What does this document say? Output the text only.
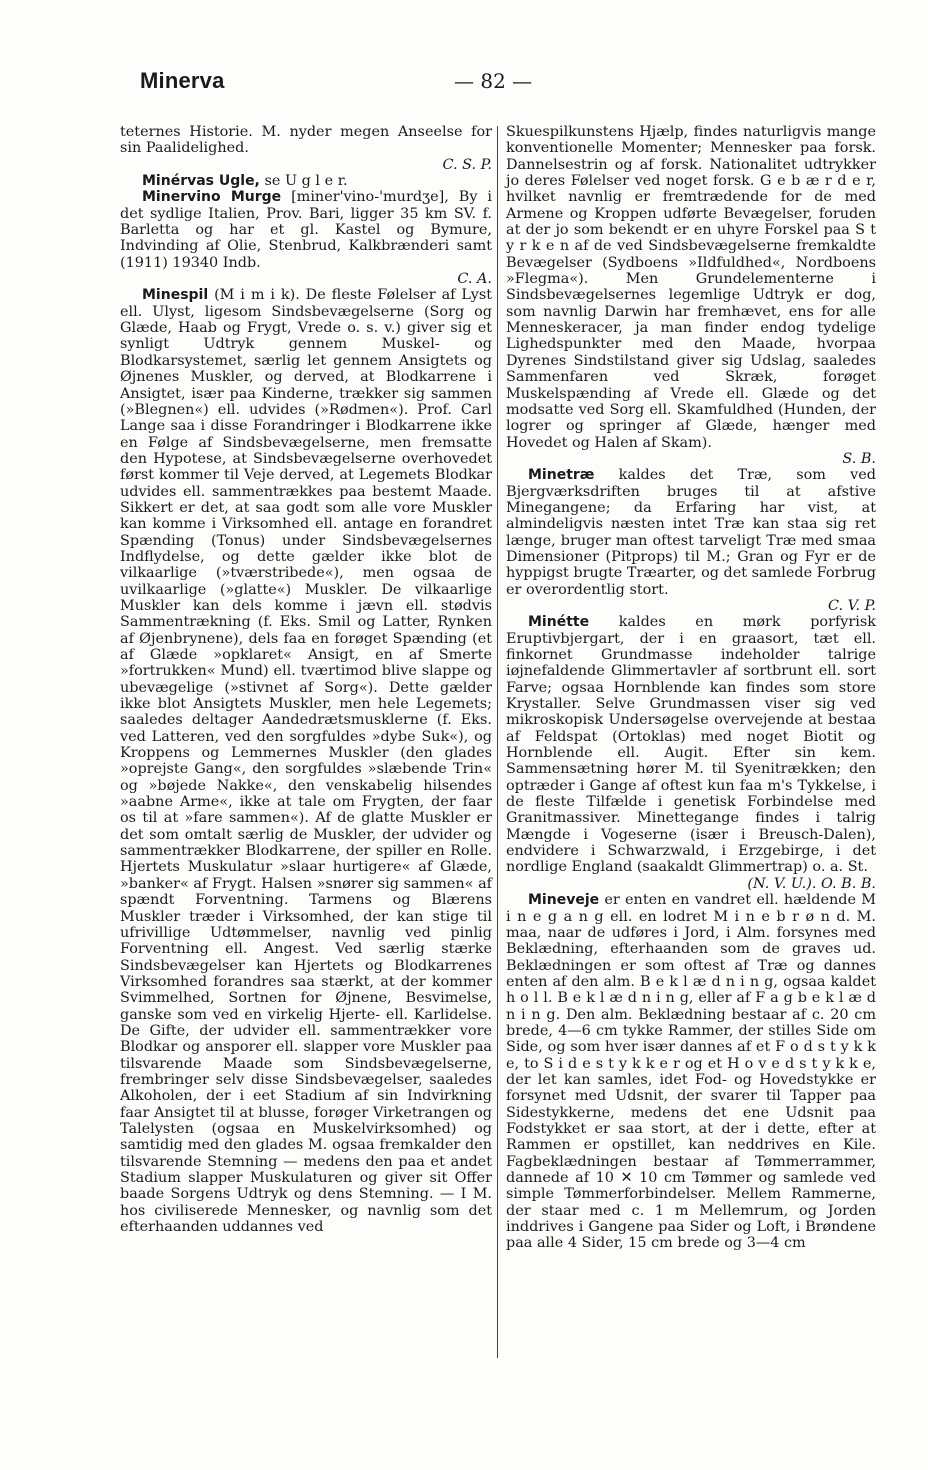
Minerva	— 82 —

teternes Historie. M. nyder megen Anseelse for sin Paalidelighed.
C. S. P.

Minérvas Ugle, se U g l e r.

Minervino Murge [miner'vino-'murdʒe], By i det sydlige Italien, Prov. Bari, ligger 35 km SV. f. Barletta og har et gl. Kastel og Bymure, Indvinding af Olie, Stenbrud, Kalkbrænderi samt (1911) 19340 Indb.
C. A.

Minespil (M i m i k). De fleste Følelser af Lyst ell. Ulyst, ligesom Sindsbevægelserne (Sorg og Glæde, Haab og Frygt, Vrede o. s. v.) giver sig et synligt Udtryk gennem Muskel- og Blodkarsystemet, særlig let gennem Ansigtets og Øjnenes Muskler, og derved, at Blodkarrene i Ansigtet, især paa Kinderne, trækker sig sammen (»Blegnen«) ell. udvides (»Rødmen«). Prof. Carl Lange saa i disse Forandringer i Blodkarrene ikke en Følge af Sindsbevægelserne, men fremsatte den Hypotese, at Sindsbevægelserne overhovedet først kommer til Veje derved, at Legemets Blodkar udvides ell. sammentrækkes paa bestemt Maade. Sikkert er det, at saa godt som alle vore Muskler kan komme i Virksomhed ell. antage en forandret Spænding (Tonus) under Sindsbevægelsernes Indflydelse, og dette gælder ikke blot de vilkaarlige (»tværstribede«), men ogsaa de uvilkaarlige (»glatte«) Muskler. De vilkaarlige Muskler kan dels komme i jævn ell. stødvis Sammentrækning (f. Eks. Smil og Latter, Rynken af Øjenbrynene), dels faa en forøget Spænding (et af Glæde »opklaret« Ansigt, en af Smerte »fortrukken« Mund) ell. tværtimod blive slappe og ubevægelige (»stivnet af Sorg«). Dette gælder ikke blot Ansigtets Muskler, men hele Legemets; saaledes deltager Aandedrætsmusklerne (f. Eks. ved Latteren, ved den sorgfuldes »dybe Suk«), og Kroppens og Lemmernes Muskler (den glades »oprejste Gang«, den sorgfuldes »slæbende Trin« og »bøjede Nakke«, den venskabelig hilsendes »aabne Arme«, ikke at tale om Frygten, der faar os til at »fare sammen«). Af de glatte Muskler er det som omtalt særlig de Muskler, der udvider og sammentrækker Blodkarrene, der spiller en Rolle. Hjertets Muskulatur »slaar hurtigere« af Glæde, »banker« af Frygt. Halsen »snører sig sammen« af spændt Forventning. Tarmens og Blærens Muskler træder i Virksomhed, der kan stige til ufrivillige Udtømmelser, navnlig ved pinlig Forventning ell. Angest. Ved særlig stærke Sindsbevægelser kan Hjertets og Blodkarrenes Virksomhed forandres saa stærkt, at der kommer Svimmelhed, Sortnen for Øjnene, Besvimelse, ganske som ved en virkelig Hjerte- ell. Karlidelse. De Gifte, der udvider ell. sammentrækker vore Blodkar og ansporer ell. slapper vore Muskler paa tilsvarende Maade som Sindsbevægelserne, frembringer selv disse Sindsbevægelser, saaledes Alkoholen, der i eet Stadium af sin Indvirkning faar Ansigtet til at blusse, forøger Virketrangen og Talelysten (ogsaa en Muskelvirksomhed) og samtidig med den glades M. ogsaa fremkalder den tilsvarende Stemning — medens den paa et andet Stadium slapper Muskulaturen og giver sit Offer baade Sorgens Udtryk og dens Stemning. — I M. hos civiliserede Mennesker, og navnlig som det efterhaanden uddannes ved

Skuespilkunstens Hjælp, findes naturligvis mange konventionelle Momenter; Mennesker paa forsk. Dannelsestrin og af forsk. Nationalitet udtrykker jo deres Følelser ved noget forsk. G e b æ r d e r, hvilket navnlig er fremtrædende for de med Armene og Kroppen udførte Bevægelser, foruden at der jo som bekendt er en uhyre Forskel paa S t y r k e n af de ved Sindsbevægelserne fremkaldte Bevægelser (Sydboens »Ildfuldhed«, Nordboens »Flegma«). Men Grundelementerne i Sindsbevægelsernes legemlige Udtryk er dog, som navnlig Darwin har fremhævet, ens for alle Menneskeracer, ja man finder endog tydelige Lighedspunkter med den Maade, hvorpaa Dyrenes Sindstilstand giver sig Udslag, saaledes Sammenfaren ved Skræk, forøget Muskelspænding af Vrede ell. Glæde og det modsatte ved Sorg ell. Skamfuldhed (Hunden, der logrer og springer af Glæde, hænger med Hovedet og Halen af Skam).
S. B.

Minetræ kaldes det Træ, som ved Bjergværksdriften bruges til at afstive Minegangene; da Erfaring har vist, at almindeligvis næsten intet Træ kan staa sig ret længe, bruger man oftest tarveligt Træ med smaa Dimensioner (Pitprops) til M.; Gran og Fyr er de hyppigst brugte Træarter, og det samlede Forbrug er overordentlig stort.
C. V. P.

Minétte kaldes en mørk porfyrisk Eruptivbjergart, der i en graasort, tæt ell. finkornet Grundmasse indeholder talrige iøjnefaldende Glimmertavler af sortbrunt ell. sort Farve; ogsaa Hornblende kan findes som store Krystaller. Selve Grundmassen viser sig ved mikroskopisk Undersøgelse overvejende at bestaa af Feldspat (Ortoklas) med noget Biotit og Hornblende ell. Augit. Efter sin kem. Sammensætning hører M. til Syenitrækken; den optræder i Gange af oftest kun faa m's Tykkelse, i de fleste Tilfælde i genetisk Forbindelse med Granitmassiver. Minettegange findes i talrig Mængde i Vogeserne (især i Breusch-Dalen), endvidere i Schwarzwald, i Erzgebirge, i det nordlige England (saakaldt Glimmertrap) o. a. St.
(N. V. U.). O. B. B.

Mineveje er enten en vandret ell. hældende M i n e g a n g ell. en lodret M i n e b r ø n d. M. maa, naar de udføres i Jord, i Alm. forsynes med Beklædning, efterhaanden som de graves ud. Beklædningen er som oftest af Træ og dannes enten af den alm. B e k l æ d n i n g, ogsaa kaldet h o l l. B e k l æ d n i n g, eller af F a g b e k l æ d n i n g. Den alm. Beklædning bestaar af c. 20 cm brede, 4—6 cm tykke Rammer, der stilles Side om Side, og som hver især dannes af et F o d s t y k k e, to S i d e s t y k k e r og et H o v e d s t y k k e, der let kan samles, idet Fod- og Hovedstykke er forsynet med Udsnit, der svarer til Tapper paa Sidestykkerne, medens det ene Udsnit paa Fodstykket er saa stort, at der i dette, efter at Rammen er opstillet, kan neddrives en Kile. Fagbeklædningen bestaar af Tømmerrammer, dannede af 10 ✕ 10 cm Tømmer og samlede ved simple Tømmerforbindelser. Mellem Rammerne, der staar med c. 1 m Mellemrum, og Jorden inddrives i Gangene paa Sider og Loft, i Brøndene paa alle 4 Sider, 15 cm brede og 3—4 cm
